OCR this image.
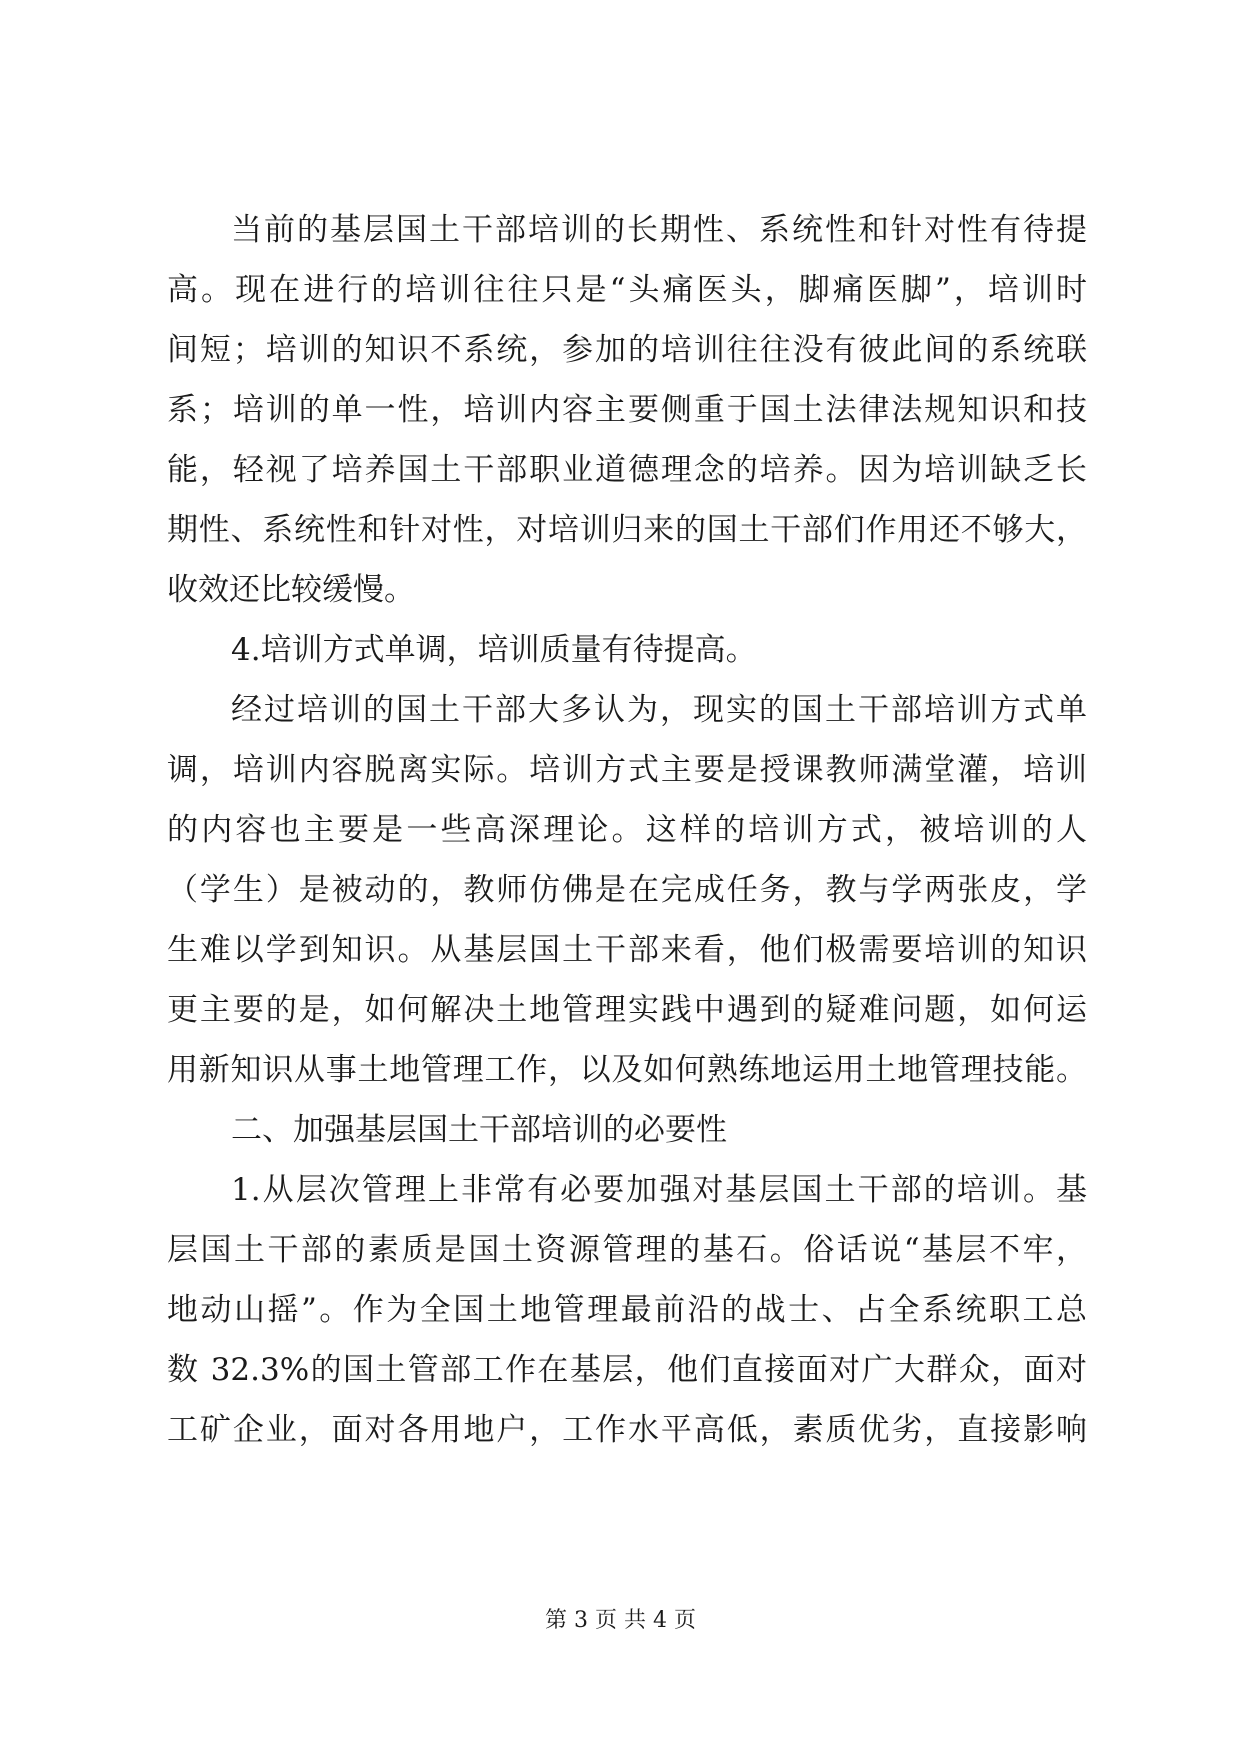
当前的基层国土干部培训的长期性、系统性和针对性有待提
高。现在进行的培训往往只是“头痛医头，脚痛医脚”，培训时
间短；培训的知识不系统，参加的培训往往没有彼此间的系统联
系；培训的单一性，培训内容主要侧重于国土法律法规知识和技
能，轻视了培养国土干部职业道德理念的培养。因为培训缺乏长
期性、系统性和针对性，对培训归来的国土干部们作用还不够大，
收效还比较缓慢。
4.培训方式单调，培训质量有待提高。
经过培训的国土干部大多认为，现实的国土干部培训方式单
调，培训内容脱离实际。培训方式主要是授课教师满堂灌，培训
的内容也主要是一些高深理论。这样的培训方式，被培训的人
（学生）是被动的，教师仿佛是在完成任务，教与学两张皮，学
生难以学到知识。从基层国土干部来看，他们极需要培训的知识
更主要的是，如何解决土地管理实践中遇到的疑难问题，如何运
用新知识从事土地管理工作，以及如何熟练地运用土地管理技能。
二、加强基层国土干部培训的必要性
1.从层次管理上非常有必要加强对基层国土干部的培训。基
层国土干部的素质是国土资源管理的基石。俗话说“基层不牢，
地动山摇”。作为全国土地管理最前沿的战士、占全系统职工总
数 32.3%的国土管部工作在基层，他们直接面对广大群众，面对
工矿企业，面对各用地户，工作水平高低，素质优劣，直接影响
第 3 页 共 4 页
